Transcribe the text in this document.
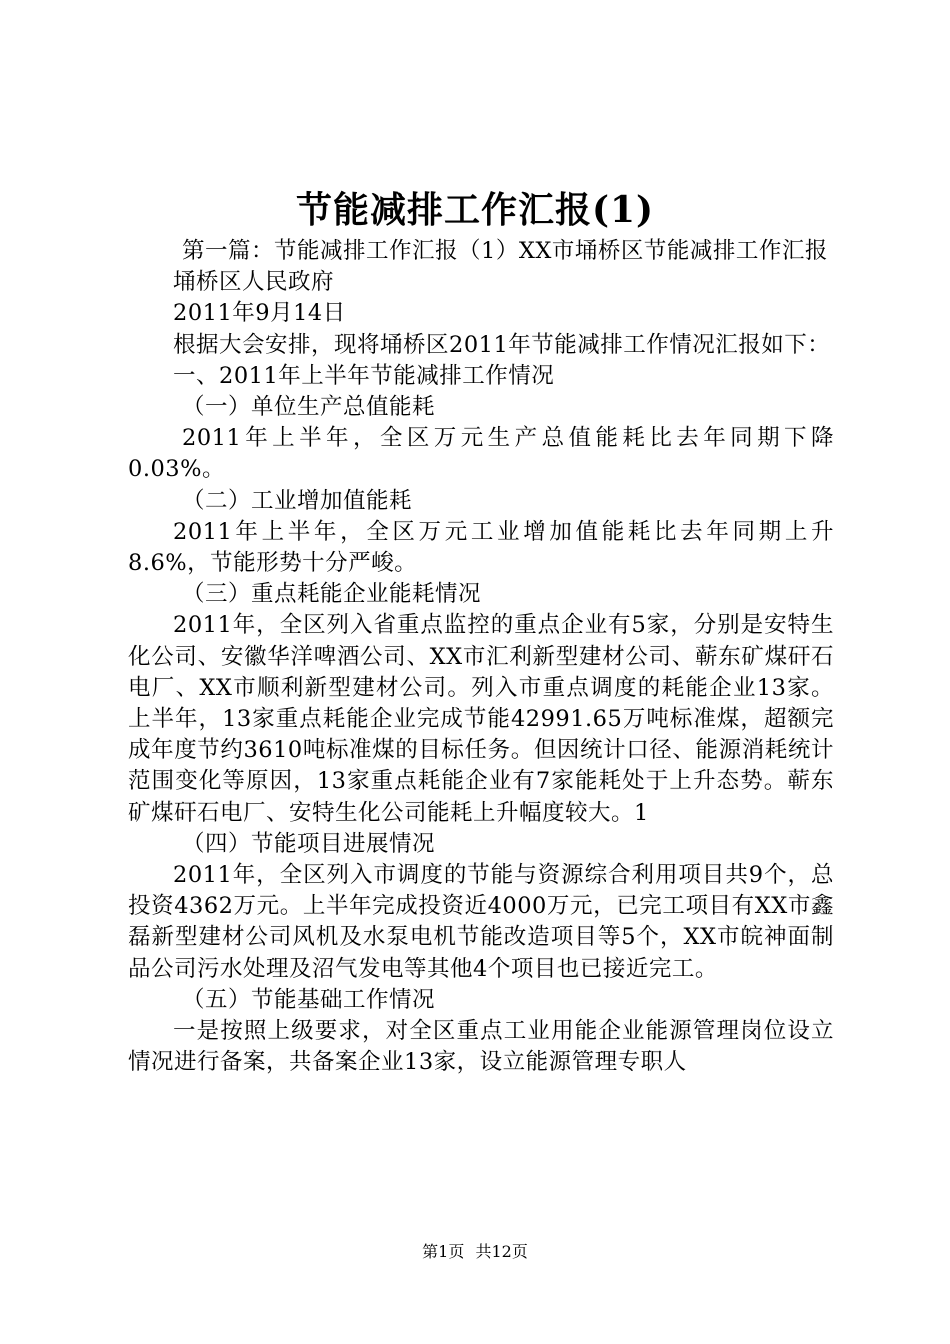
节能减排工作汇报(1)

第一篇：节能减排工作汇报（1）XX市埇桥区节能减排工作汇报

埇桥区人民政府

2011年9月14日

根据大会安排，现将埇桥区2011年节能减排工作情况汇报如下：

一、2011年上半年节能减排工作情况

（一）单位生产总值能耗

2011年上半年，全区万元生产总值能耗比去年同期下降0.03%。

（二）工业增加值能耗

2011年上半年，全区万元工业增加值能耗比去年同期上升8.6%，节能形势十分严峻。

（三）重点耗能企业能耗情况

2011年，全区列入省重点监控的重点企业有5家，分别是安特生化公司、安徽华洋啤酒公司、XX市汇利新型建材公司、蕲东矿煤矸石电厂、XX市顺利新型建材公司。列入市重点调度的耗能企业13家。上半年，13家重点耗能企业完成节能42991.65万吨标准煤，超额完成年度节约3610吨标准煤的目标任务。但因统计口径、能源消耗统计范围变化等原因，13家重点耗能企业有7家能耗处于上升态势。蕲东矿煤矸石电厂、安特生化公司能耗上升幅度较大。1

（四）节能项目进展情况

2011年，全区列入市调度的节能与资源综合利用项目共9个，总投资4362万元。上半年完成投资近4000万元，已完工项目有XX市鑫磊新型建材公司风机及水泵电机节能改造项目等5个，XX市皖神面制品公司污水处理及沼气发电等其他4个项目也已接近完工。

（五）节能基础工作情况

一是按照上级要求，对全区重点工业用能企业能源管理岗位设立情况进行备案，共备案企业13家，设立能源管理专职人

第1页 共12页
